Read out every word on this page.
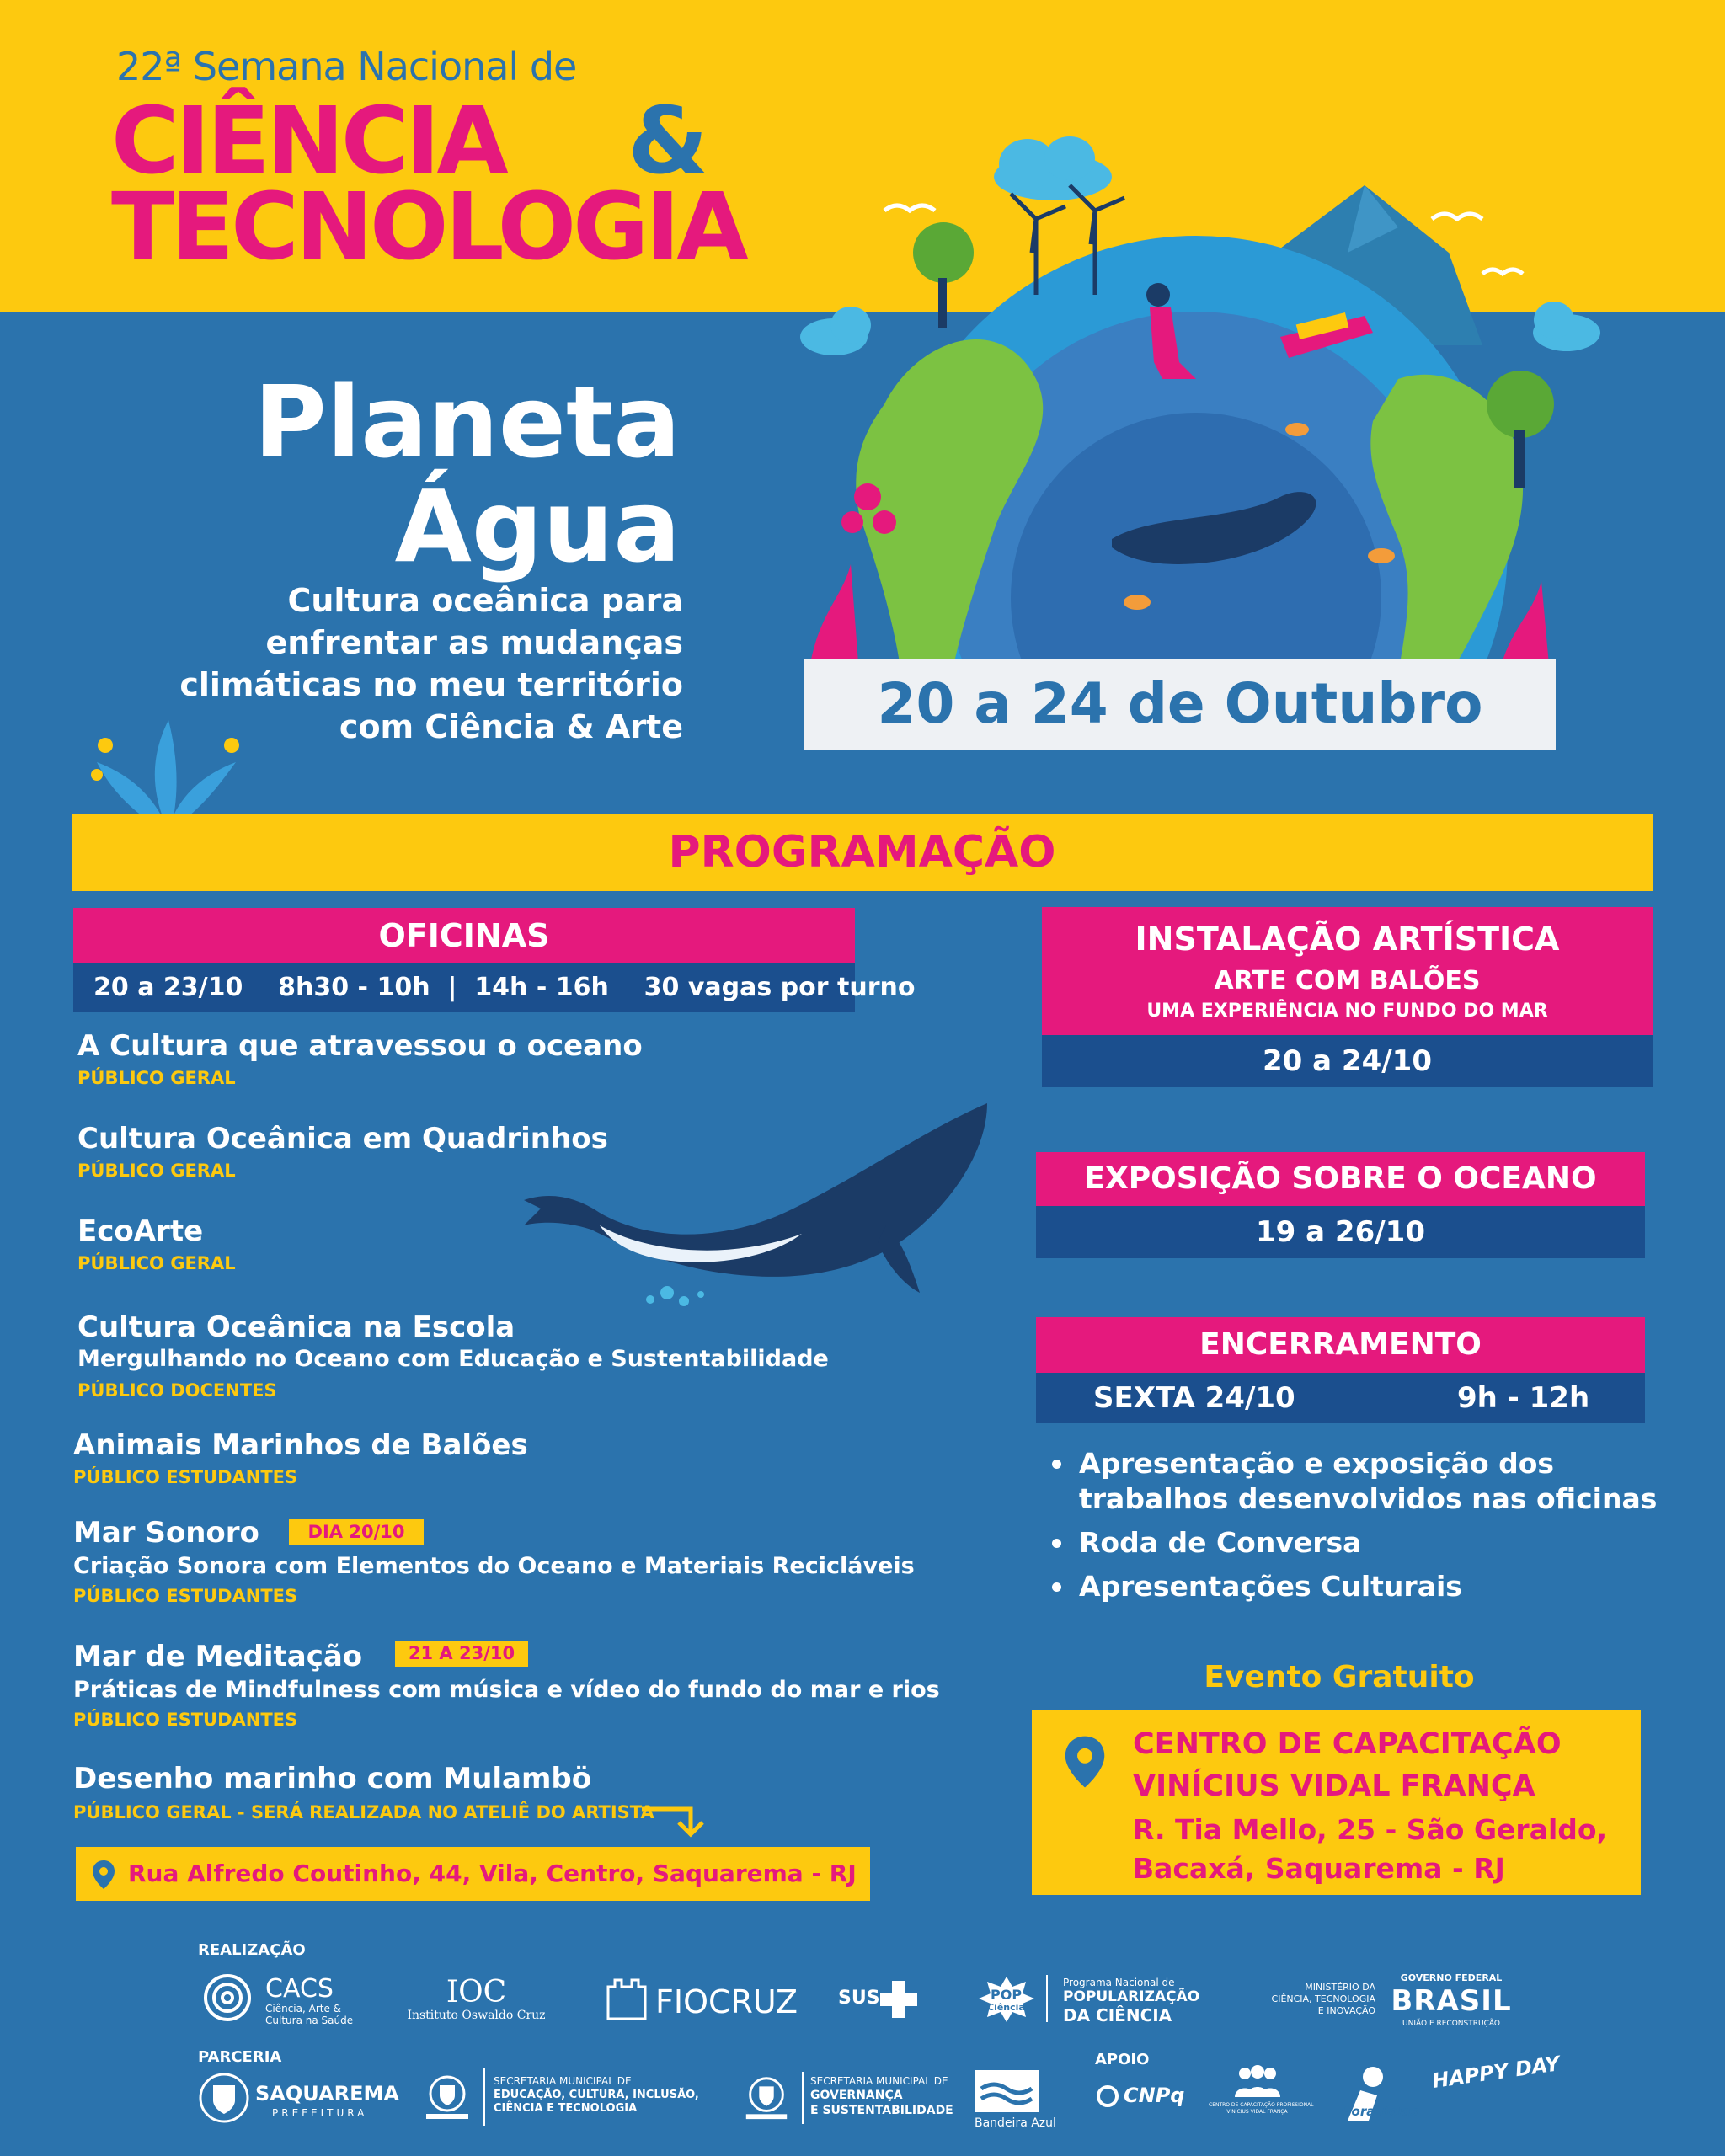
22ª Semana Nacional de
CIÊNCIA &
TECNOLOGIA
Planeta
Água
Cultura oceânica para
enfrentar as mudanças
climáticas no meu território
com Ciência & Arte	20 a 24 de Outubro
PROGRAMAÇÃO
OFICINAS
20 a 23/10 8h30 - 10h | 14h - 16h 30 vagas por turno
A Cultura que atravessou o oceano
PÚBLICO GERAL
Cultura Oceânica em Quadrinhos
PÚBLICO GERAL
EcoArte
PÚBLICO GERAL
Cultura Oceânica na Escola
Mergulhando no Oceano com Educação e Sustentabilidade
PÚBLICO DOCENTES
Animais Marinhos de Balões
PÚBLICO ESTUDANTES
Mar Sonoro
Criação Sonora com Elementos do Oceano e Materiais Recicláveis
PÚBLICO ESTUDANTES
DIA 20/10
Mar de Meditação
Práticas de Mindfulness com música e vídeo do fundo do mar e rios
PÚBLICO ESTUDANTES
21 A 23/10
Desenho marinho com Mulambö
PÚBLICO GERAL - SERÁ REALIZADA NO ATELIÊ DO ARTISTA
Rua Alfredo Coutinho, 44, Vila, Centro, Saquarema - RJ
INSTALAÇÃO ARTÍSTICA
ARTE COM BALÕES
UMA EXPERIÊNCIA NO FUNDO DO MAR
20 a 24/10
EXPOSIÇÃO SOBRE O OCEANO
19 a 26/10
ENCERRAMENTO
SEXTA 24/10	9h - 12h
Apresentação e exposição dos trabalhos desenvolvidos nas oficinas
Roda de Conversa
Apresentações Culturais
Evento Gratuito
CENTRO DE CAPACITAÇÃO
VINÍCIUS VIDAL FRANÇA
R. Tia Mello, 25 - São Geraldo,
Bacaxá, Saquarema - RJ
REALIZAÇÃO
CACS
Ciência, Arte &
Cultura na Saúde
IOC
Instituto Oswaldo Cruz	FIOCRUZ SUS	POP
Ciência
Programa Nacional de
POPULARIZAÇÃO
DA CIÊNCIA
MINISTÉRIO DA
CIÊNCIA, TECNOLOGIA
E INOVAÇÃO
GOVERNO FEDERAL
BRASIL
UNIÃO E RECONSTRUÇÃO
PARCERIA
SAQUAREMA
PREFEITURA
SECRETARIA MUNICIPAL DE
EDUCAÇÃO, CULTURA, INCLUSÃO,
CIÊNCIA E TECNOLOGIA
SECRETARIA MUNICIPAL DE
GOVERNANÇA
E SUSTENTABILIDADE
Bandeira Azul
APOIO
CNPq	CENTRO DE CAPACITAÇÃO PROFISSIONAL
VINÍCIUS VIDAL FRANÇA	Hora Bolas
HAPPY DAY
